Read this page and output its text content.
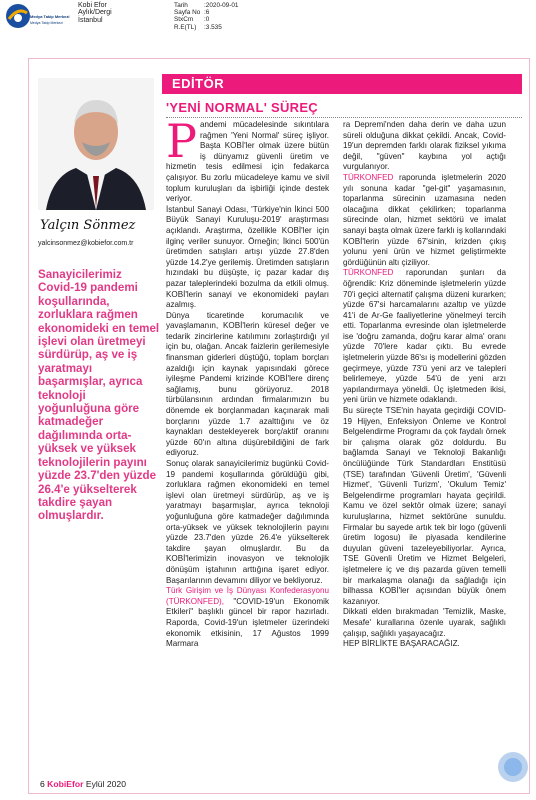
Medya Takip Merkezi
Medya Takip Merkezi
Kobi Efor
Aylık/Dergi
İstanbul
Tarih	:2020-09-01
Sayfa No :6
StxCm	:0
R.E(TL)	:3.535
Yalçın Sönmez
yalcinsonmez@kobiefor.com.tr

Sanayicilerimiz Covid-19 pandemi koşullarında, zorluklara rağmen ekonomideki en temel işlevi olan üretmeyi sürdürüp, aş ve iş yaratmayı başarmışlar, ayrıca teknoloji yoğunluğuna göre katmadeğer dağılımında orta-yüksek ve yüksek teknolojilerin payını yüzde 23.7'den yüzde 26.4'e yükselterek takdire şayan olmuşlardır.

EDİTÖR
'YENİ NORMAL' SÜREÇ

Pandemi mücadelesinde sıkıntılara rağmen 'Yeni Normal' süreç işliyor. Başta KOBİ'ler olmak üzere bütün iş dünyamız güvenli üretim ve hizmetin tesis edilmesi için fedakarca çalışıyor. Bu zorlu mücadeleye kamu ve sivil toplum kuruluşları da işbirliği içinde destek veriyor.

İstanbul Sanayi Odası, 'Türkiye'nin İkinci 500 Büyük Sanayi Kuruluşu-2019' araştırması açıklandı. Araştırma, özellikle KOBİ'ler için ilginç veriler sunuyor. Örneğin; İkinci 500'ün üretimden satışları artışı yüzde 27.8'den yüzde 14.2'ye gerilemiş. Üretimden satışların hızındaki bu düşüşte, iç pazar kadar dış pazar taleplerindeki bozulma da etkili olmuş. KOBİ'lerin sanayi ve ekonomideki payları azalmış.

Dünya ticaretinde korumacılık ve yavaşlamanın, KOBİ'lerin küresel değer ve tedarik zincirlerine katılımını zorlaştırdığı yıl için bu, olağan. Ancak faizlerin gerilemesiyle finansman giderleri düştüğü, toplam borçları azaldığı için kaynak yapısındaki görece iyileşme Pandemi krizinde KOBİ'lere direnç sağlamış, bunu görüyoruz. 2018 türbülansının ardından firmalarımızın bu dönemde ek borçlanmadan kaçınarak mali borçlarını yüzde 1.7 azalttığını ve öz kaynakları destekleyerek borç/aktif oranını yüzde 60'ın altına düşürebildiğini de fark ediyoruz.

Sonuç olarak sanayicilerimiz bugünkü Covid-19 pandemi koşullarında görüldüğü gibi, zorluklara rağmen ekonomideki en temel işlevi olan üretmeyi sürdürüp, aş ve iş yaratmayı başarmışlar, ayrıca teknoloji yoğunluğuna göre katmadeğer dağılımında orta-yüksek ve yüksek teknolojilerin payını yüzde 23.7'den yüzde 26.4'e yükselterek takdire şayan olmuşlardır. Bu da KOBİ'lerimizin inovasyon ve teknolojik dönüşüm iştahının arttığına işaret ediyor. Başarılarının devamını diliyor ve bekliyoruz.

Türk Girişim ve İş Dünyası Konfederasyonu (TÜRKONFED), "COVID-19'un Ekonomik Etkileri" başlıklı güncel bir rapor hazırladı. Raporda, Covid-19'un işletmeler üzerindeki ekonomik etkisinin, 17 Ağustos 1999 Marmara

ra Depremi'nden daha derin ve daha uzun süreli olduğuna dikkat çekildi. Ancak, Covid-19'un depremden farklı olarak fiziksel yıkıma değil, "güven" kaybına yol açtığı vurgulanıyor.

TÜRKONFED raporunda işletmelerin 2020 yılı sonuna kadar "gel-git" yaşamasının, toparlanma sürecinin uzamasına neden olacağına dikkat çekilirken; toparlanma sürecinde olan, hizmet sektörü ve imalat sanayi başta olmak üzere farklı iş kollarındaki KOBİ'lerin yüzde 67'sinin, krizden çıkış yolunu yeni ürün ve hizmet geliştirmekte gördüğünün altı çiziliyor.

TÜRKONFED raporundan şunları da öğrendik: Kriz döneminde işletmelerin yüzde 70'i geçici alternatif çalışma düzeni kurarken; yüzde 67'si harcamalarını azaltıp ve yüzde 41'i de Ar-Ge faaliyetlerine yönelmeyi tercih etti. Toparlanma evresinde olan işletmelerde ise 'doğru zamanda, doğru karar alma' oranı yüzde 70'lere kadar çıktı. Bu evrede işletmelerin yüzde 86'sı iş modellerini gözden geçirmeye, yüzde 73'ü yeni arz ve talepleri belirlemeye, yüzde 54'ü de yeni arzı yapılandırmaya yöneldi. Üç işletmeden ikisi, yeni ürün ve hizmete odaklandı.

Bu süreçte TSE'nin hayata geçirdiği COVID-19 Hijyen, Enfeksiyon Önleme ve Kontrol Belgelendirme Programı da çok faydalı örnek bir çalışma olarak göz doldurdu. Bu bağlamda Sanayi ve Teknoloji Bakanlığı öncülüğünde Türk Standardları Enstitüsü (TSE) tarafından 'Güvenli Üretim', 'Güvenli Hizmet', 'Güvenli Turizm', 'Okulum Temiz' Belgelendirme programları hayata geçirildi. Kamu ve özel sektör olmak üzere; sanayi kuruluşlarına, hizmet sektörüne sunuldu. Firmalar bu sayede artık tek bir logo (güvenli üretim logosu) ile piyasada kendilerine duyulan güveni tazeleyebiliyorlar. Ayrıca, TSE Güvenli Üretim ve Hizmet Belgeleri, işletmelere iç ve dış pazarda güven temelli bir markalaşma olanağı da sağladığı için bilhassa KOBİ'ler açısından büyük önem kazanıyor.

Dikkati elden bırakmadan 'Temizlik, Maske, Mesafe' kurallarına özenle uyarak, sağlıklı çalışıp, sağlıklı yaşayacağız.

HEP BİRLİKTE BAŞARACAĞIZ.

6 KobiEfor Eylül 2020
